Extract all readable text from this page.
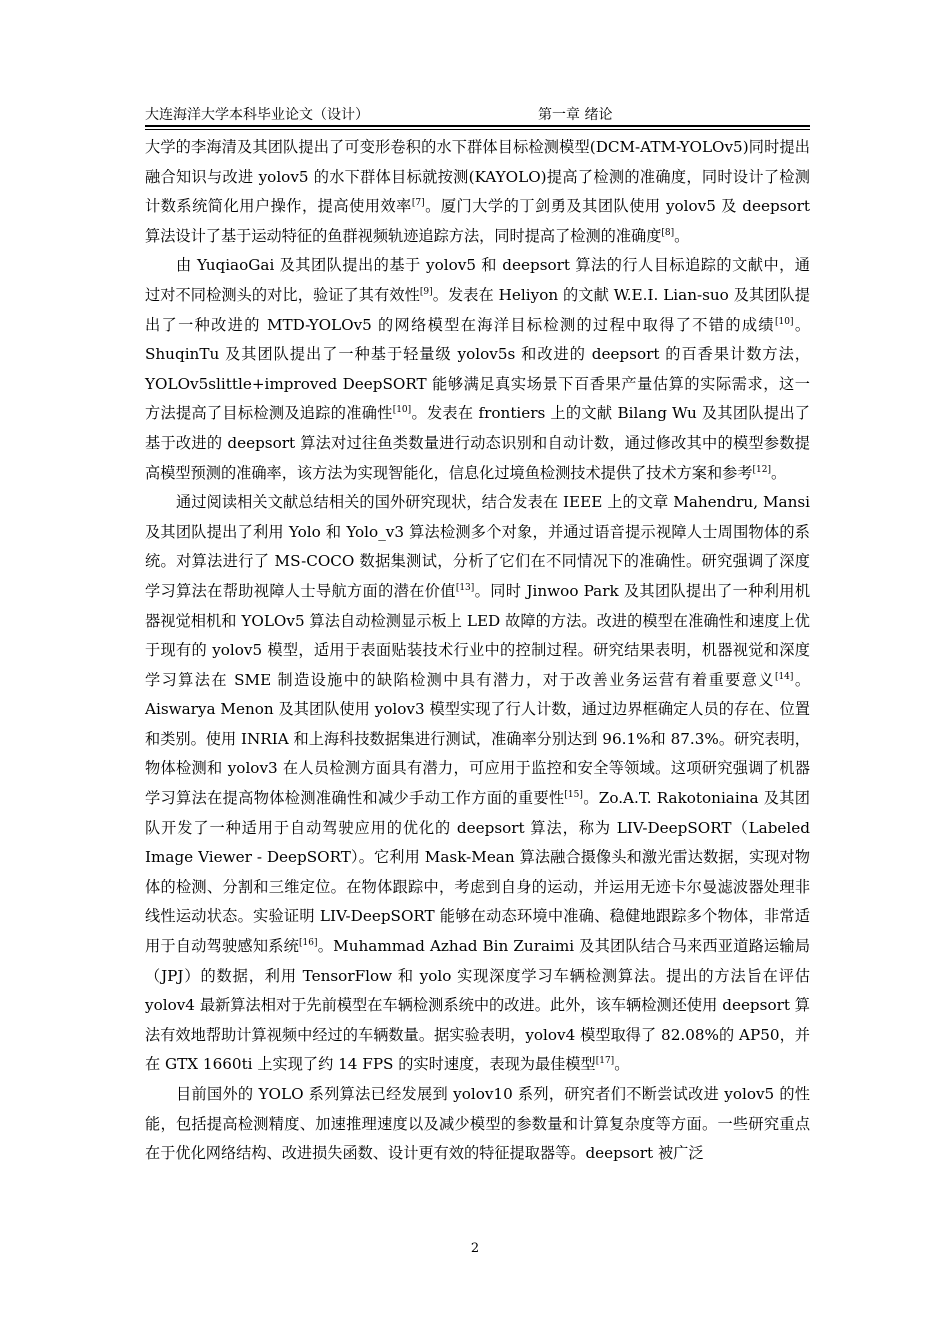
大连海洋大学本科毕业论文（设计）	第一章 绪论

大学的李海清及其团队提出了可变形卷积的水下群体目标检测模型(DCM-ATM-YOLOv5)同时提出融合知识与改进 yolov5 的水下群体目标就按测(KAYOLO)提高了检测的准确度，同时设计了检测计数系统简化用户操作，提高使用效率[7]。厦门大学的丁剑勇及其团队使用 yolov5 及 deepsort 算法设计了基于运动特征的鱼群视频轨迹追踪方法，同时提高了检测的准确度[8]。

由 YuqiaoGai 及其团队提出的基于 yolov5 和 deepsort 算法的行人目标追踪的文献中，通过对不同检测头的对比，验证了其有效性[9]。发表在 Heliyon 的文献 W.E.I. Lian-suo 及其团队提出了一种改进的 MTD-YOLOv5 的网络模型在海洋目标检测的过程中取得了不错的成绩[10]。ShuqinTu 及其团队提出了一种基于轻量级 yolov5s 和改进的 deepsort 的百香果计数方法，YOLOv5slittle+improved DeepSORT 能够满足真实场景下百香果产量估算的实际需求，这一方法提高了目标检测及追踪的准确性[10]。发表在 frontiers 上的文献 Bilang Wu 及其团队提出了基于改进的 deepsort 算法对过往鱼类数量进行动态识别和自动计数，通过修改其中的模型参数提高模型预测的准确率，该方法为实现智能化，信息化过境鱼检测技术提供了技术方案和参考[12]。

通过阅读相关文献总结相关的国外研究现状，结合发表在 IEEE 上的文章 Mahendru, Mansi 及其团队提出了利用 Yolo 和 Yolo_v3 算法检测多个对象，并通过语音提示视障人士周围物体的系统。对算法进行了 MS-COCO 数据集测试，分析了它们在不同情况下的准确性。研究强调了深度学习算法在帮助视障人士导航方面的潜在价值[13]。同时 Jinwoo Park 及其团队提出了一种利用机器视觉相机和 YOLOv5 算法自动检测显示板上 LED 故障的方法。改进的模型在准确性和速度上优于现有的 yolov5 模型，适用于表面贴装技术行业中的控制过程。研究结果表明，机器视觉和深度学习算法在 SME 制造设施中的缺陷检测中具有潜力，对于改善业务运营有着重要意义[14]。Aiswarya Menon 及其团队使用 yolov3 模型实现了行人计数，通过边界框确定人员的存在、位置和类别。使用 INRIA 和上海科技数据集进行测试，准确率分别达到 96.1%和 87.3%。研究表明，物体检测和 yolov3 在人员检测方面具有潜力，可应用于监控和安全等领域。这项研究强调了机器学习算法在提高物体检测准确性和减少手动工作方面的重要性[15]。Zo.A.T. Rakotoniaina 及其团队开发了一种适用于自动驾驶应用的优化的 deepsort 算法，称为 LIV-DeepSORT（Labeled Image Viewer - DeepSORT）。它利用 Mask-Mean 算法融合摄像头和激光雷达数据，实现对物体的检测、分割和三维定位。在物体跟踪中，考虑到自身的运动，并运用无迹卡尔曼滤波器处理非线性运动状态。实验证明 LIV-DeepSORT 能够在动态环境中准确、稳健地跟踪多个物体，非常适用于自动驾驶感知系统[16]。Muhammad Azhad Bin Zuraimi 及其团队结合马来西亚道路运输局（JPJ）的数据，利用 TensorFlow 和 yolo 实现深度学习车辆检测算法。提出的方法旨在评估 yolov4 最新算法相对于先前模型在车辆检测系统中的改进。此外，该车辆检测还使用 deepsort 算法有效地帮助计算视频中经过的车辆数量。据实验表明，yolov4 模型取得了 82.08%的 AP50，并在 GTX 1660ti 上实现了约 14 FPS 的实时速度，表现为最佳模型[17]。

目前国外的 YOLO 系列算法已经发展到 yolov10 系列，研究者们不断尝试改进 yolov5 的性能，包括提高检测精度、加速推理速度以及减少模型的参数量和计算复杂度等方面。一些研究重点在于优化网络结构、改进损失函数、设计更有效的特征提取器等。deepsort 被广泛

2
